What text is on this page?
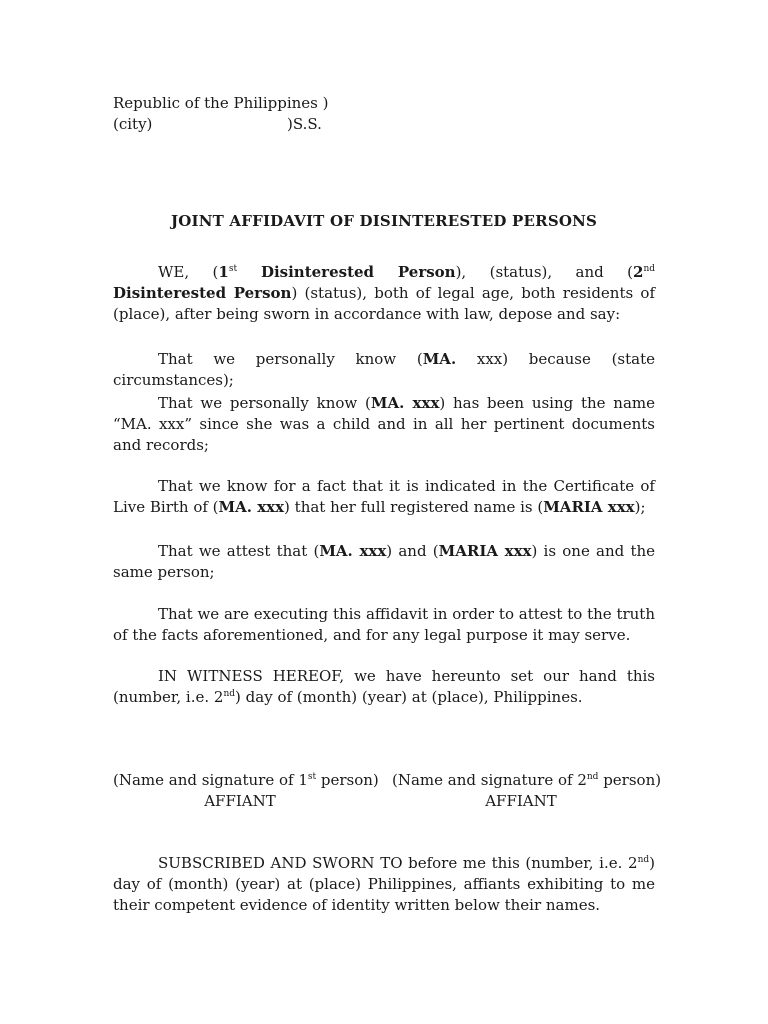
Republic of the Philippines )
(city)	)S.S.
JOINT AFFIDAVIT OF DISINTERESTED PERSONS

WE, (1st Disinterested Person), (status), and (2nd Disinterested Person) (status), both of legal age, both residents of (place), after being sworn in accordance with law, depose and say:

That we personally know (MA. xxx) because (state circumstances);

That we personally know (MA. xxx) has been using the name “MA. xxx” since she was a child and in all her pertinent documents and records;

That we know for a fact that it is indicated in the Certificate of Live Birth of (MA. xxx) that her full registered name is (MARIA xxx);

That we attest that (MA. xxx) and (MARIA xxx) is one and the same person;

That we are executing this affidavit in order to attest to the truth of the facts aforementioned, and for any legal purpose it may serve.

IN WITNESS HEREOF, we have hereunto set our hand this (number, i.e. 2nd) day of (month) (year) at (place), Philippines.

(Name and signature of 1st person)
AFFIANT
(Name and signature of 2nd person)
AFFIANT

SUBSCRIBED AND SWORN TO before me this (number, i.e. 2nd) day of (month) (year) at (place) Philippines, affiants exhibiting to me their competent evidence of identity written below their names.
